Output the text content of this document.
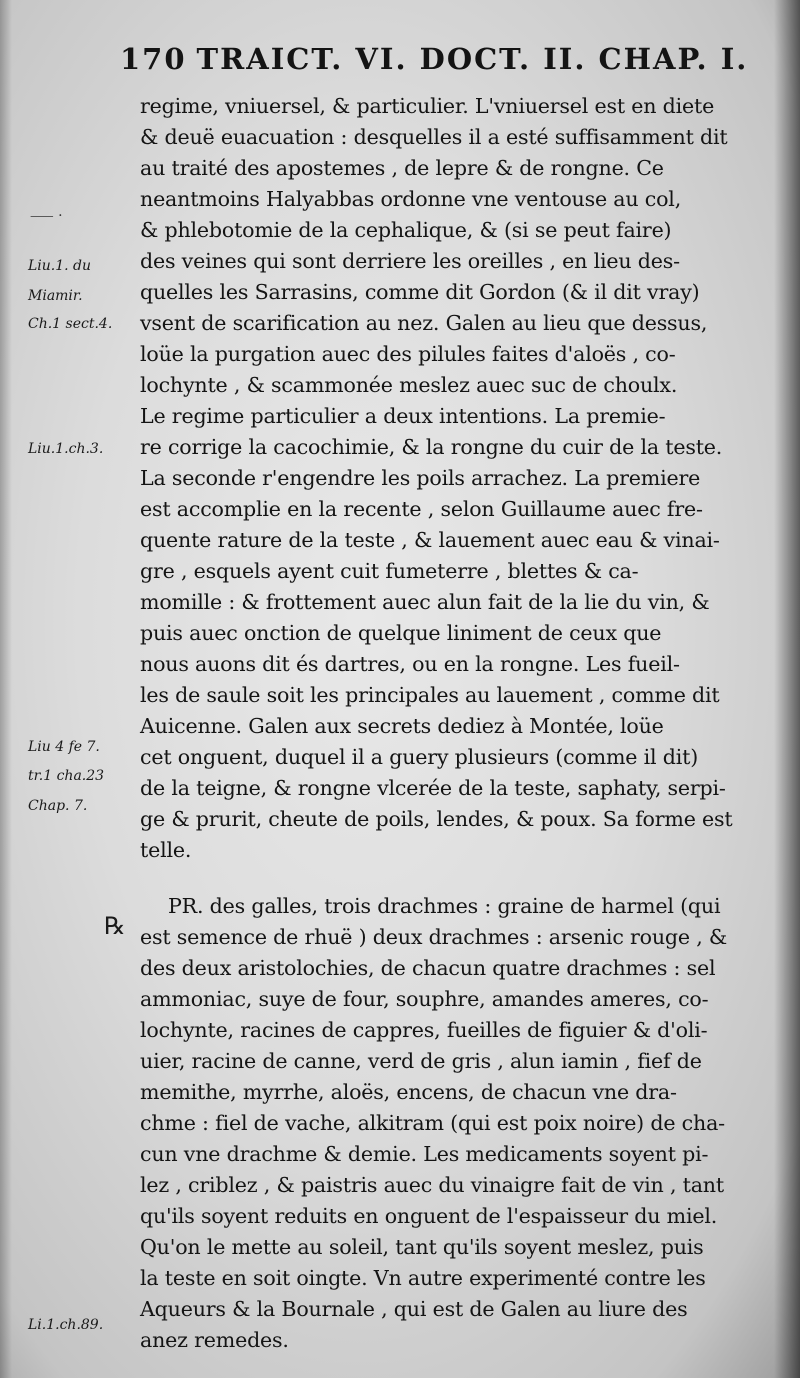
170 TRAICT. VI. DOCT. II. CHAP. I.
⸺ ·
Liu.1. du
Miamir.
Ch.1 sect.4.
Liu.1.ch.3.
Liu 4 fe 7.
tr.1 cha.23
Chap. 7.
Li.1.ch.89.
℞
regime, vniuersel, & particulier. L'vniuersel est en diete
& deuë euacuation : desquelles il a esté suffisamment dit
au traité des apostemes , de lepre & de rongne. Ce
neantmoins Halyabbas ordonne vne ventouse au col,
& phlebotomie de la cephalique, & (si se peut faire)
des veines qui sont derriere les oreilles , en lieu des-
quelles les Sarrasins, comme dit Gordon (& il dit vray)
vsent de scarification au nez. Galen au lieu que dessus,
loüe la purgation auec des pilules faites d'aloës , co-
lochynte , & scammonée meslez auec suc de choulx.
Le regime particulier a deux intentions. La premie-
re corrige la cacochimie, & la rongne du cuir de la teste.
La seconde r'engendre les poils arrachez. La premiere
est accomplie en la recente , selon Guillaume auec fre-
quente rature de la teste , & lauement auec eau & vinai-
gre , esquels ayent cuit fumeterre , blettes & ca-
momille : & frottement auec alun fait de la lie du vin, &
puis auec onction de quelque liniment de ceux que
nous auons dit és dartres, ou en la rongne. Les fueil-
les de saule soit les principales au lauement , comme dit
Auicenne. Galen aux secrets dediez à Montée, loüe
cet onguent, duquel il a guery plusieurs (comme il dit)
de la teigne, & rongne vlcerée de la teste, saphaty, serpi-
ge & prurit, cheute de poils, lendes, & poux. Sa forme est
telle.
PR. des galles, trois drachmes : graine de harmel (qui
est semence de rhuë ) deux drachmes : arsenic rouge , &
des deux aristolochies, de chacun quatre drachmes : sel
ammoniac, suye de four, souphre, amandes ameres, co-
lochynte, racines de cappres, fueilles de figuier & d'oli-
uier, racine de canne, verd de gris , alun iamin , fief de
memithe, myrrhe, aloës, encens, de chacun vne dra-
chme : fiel de vache, alkitram (qui est poix noire) de cha-
cun vne drachme & demie. Les medicaments soyent pi-
lez , criblez , & paistris auec du vinaigre fait de vin , tant
qu'ils soyent reduits en onguent de l'espaisseur du miel.
Qu'on le mette au soleil, tant qu'ils soyent meslez, puis
la teste en soit oingte. Vn autre experimenté contre les
Aqueurs & la Bournale , qui est de Galen au liure des
anez remedes.
